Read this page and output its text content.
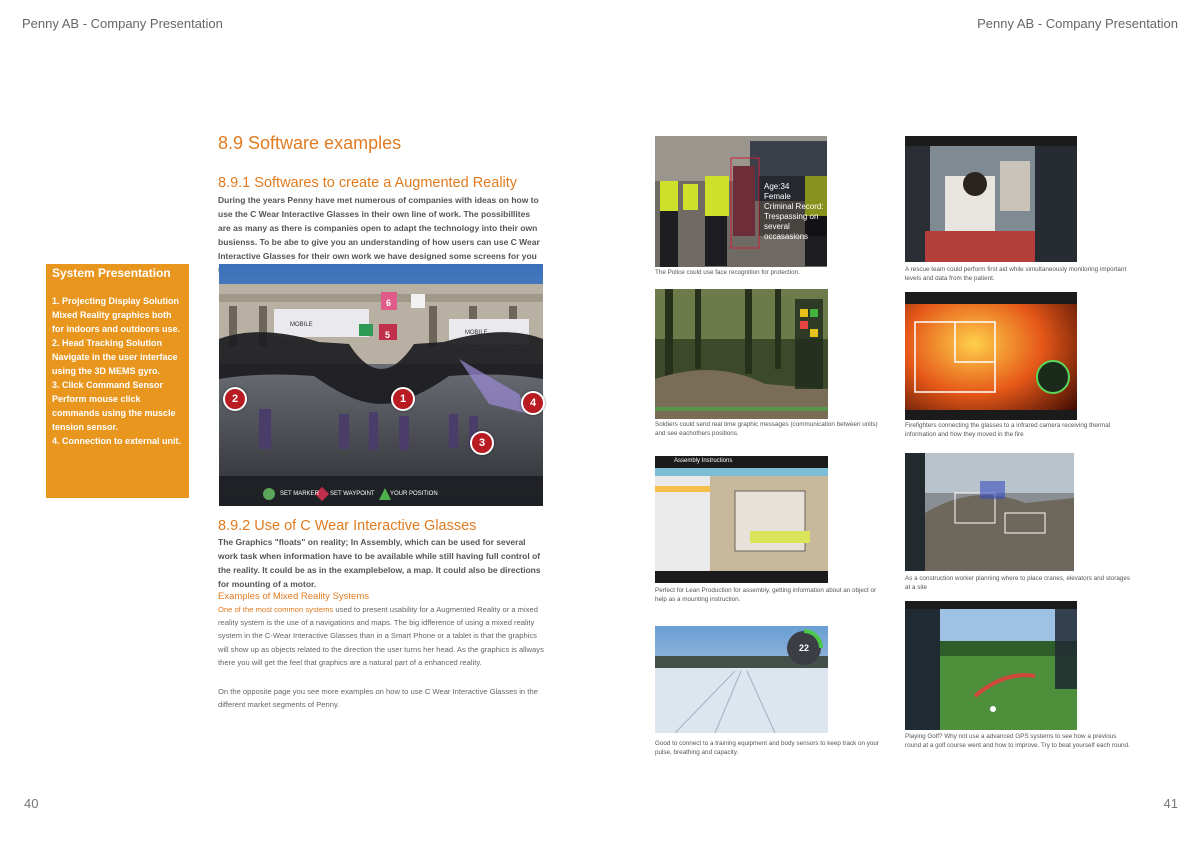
Penny AB - Company Presentation	Penny AB - Company Presentation
8.9 Software examples
8.9.1 Softwares to create a Augmented Reality
During the years Penny have met numerous of companies with ideas on how to use the C Wear Interactive Glasses in their own line of work. The possibillites are as many as there is companies open to adapt the technology into their own busienss. To be abe to give you an understanding of how users can use C Wear Interactive Glasses for their own work we have designed some screens for you
System Presentation
1. Projecting Display Solution
Mixed Reality graphics both for indoors and outdoors use.
2. Head Tracking Solution Navigate in the user interface using the 3D MEMS gyro.
3. Click Command Sensor Perform mouse click commands using the muscle tension sensor.
4. Connection to external unit.
MOBILE
6
5
MOBILE
MOBILE
1
2
3
4
SET MARKER SET WAYPOINT	YOUR POSITION
8.9.2 Use of C Wear Interactive Glasses
The Graphics "floats" on reality; In Assembly, which can be used for several work task when information have to be available while still having full control of the reality. It could be as in the examplebelow, a map. It could also be directions for mounting of a motor.
Examples of Mixed Reality Systems
One of the most common systems used to present usability for a Augmented Reality or a mixed reality system is the use of a navigations and maps. The big idfference of using a mixed reality system in the C-Wear Interactive Glasses than in a Smart Phone or a tablet is that the graphics will show up as objects related to the direction the user turns her head. As the graphics is allways there you will get the feel that graphics are a natural part of a enhanced reality.
On the opposite page you see more examples on how to use C Wear Interactive Glasses in the different market segments of Penny.
40
Age:34
Female
Criminal Record:
Trespassing on several occasasions
The Police could use face recognition for protection.	A rescue team could perform first aid while simultaneously monitoring important levels and data from the patient.
Soldiers could send real time graphic messages (communication between units) and see eachothers positions.
Firefighters connecting the glasses to a infrared camera receiving thermal information and how they moved in the fire
Assembly Instructions
Perfect for Lean Production for assembly, getting information about an object or help as a mounting instruction.
As a construction worker planning where to place cranes, elevators and storages at a site
22
Good to connect to a training equipment and body sensors to keep track on your pulse, breathing and capacity.
Playing Golf? Why not use a advanced GPS systems to see how a previous round at a golf course went and how to improve. Try to beat yourself each round.
41
